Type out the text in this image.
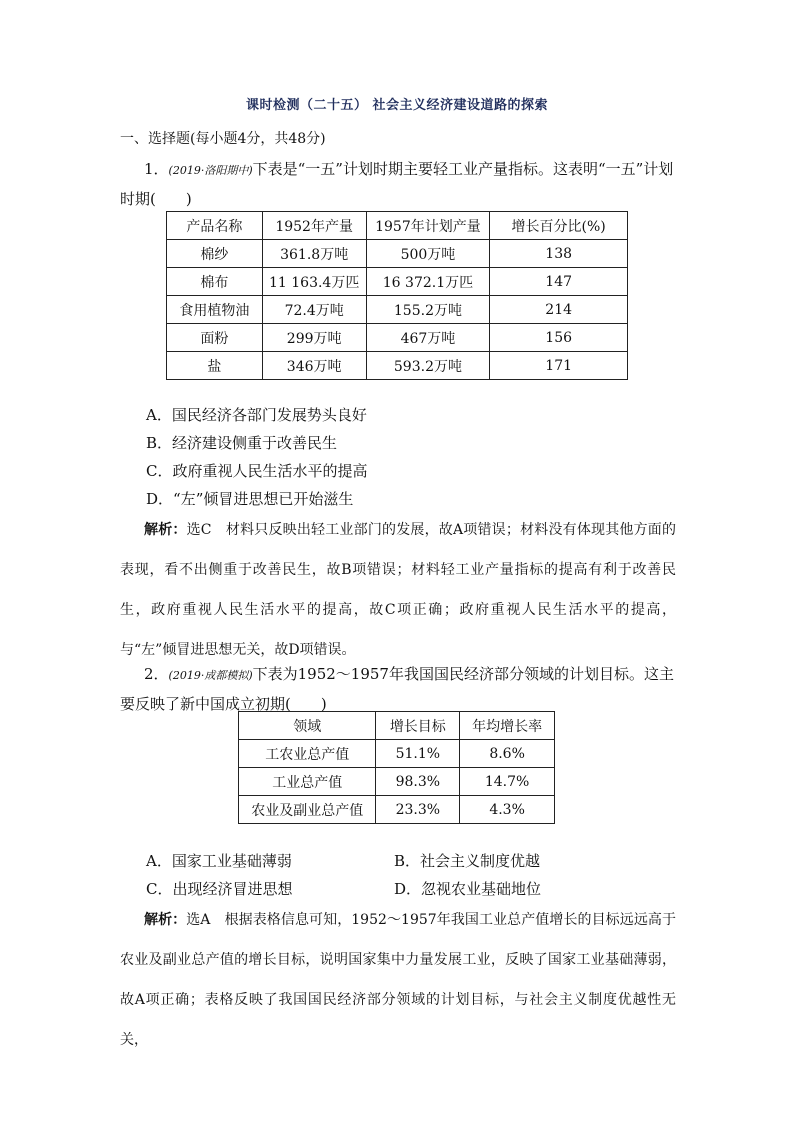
课时检测（二十五） 社会主义经济建设道路的探索
一、选择题(每小题4分，共48分)
1．(2019·洛阳期中)下表是“一五”计划时期主要轻工业产量指标。这表明“一五”计划时期( )
产品名称	1952年产量	1957年计划产量	增长百分比(%)
棉纱	361.8万吨	500万吨	138
棉布	11 163.4万匹	16 372.1万匹	147
食用植物油	72.4万吨	155.2万吨	214
面粉	299万吨	467万吨	156
盐	346万吨	593.2万吨	171
A．国民经济各部门发展势头良好
B．经济建设侧重于改善民生
C．政府重视人民生活水平的提高
D．“左”倾冒进思想已开始滋生
解析：选C　材料只反映出轻工业部门的发展，故A项错误；材料没有体现其他方面的表现，看不出侧重于改善民生，故B项错误；材料轻工业产量指标的提高有利于改善民生，政府重视人民生活水平的提高，故C项正确；政府重视人民生活水平的提高，与“左”倾冒进思想无关，故D项错误。
2．(2019·成都模拟)下表为1952～1957年我国国民经济部分领域的计划目标。这主要反映了新中国成立初期( )
领域	增长目标	年均增长率
工农业总产值	51.1%	8.6%
工业总产值	98.3%	14.7%
农业及副业总产值	23.3%	4.3%
A．国家工业基础薄弱	B．社会主义制度优越
C．出现经济冒进思想	D．忽视农业基础地位
解析：选A　根据表格信息可知，1952～1957年我国工业总产值增长的目标远远高于农业及副业总产值的增长目标，说明国家集中力量发展工业，反映了国家工业基础薄弱，故A项正确；表格反映了我国国民经济部分领域的计划目标，与社会主义制度优越性无关，
